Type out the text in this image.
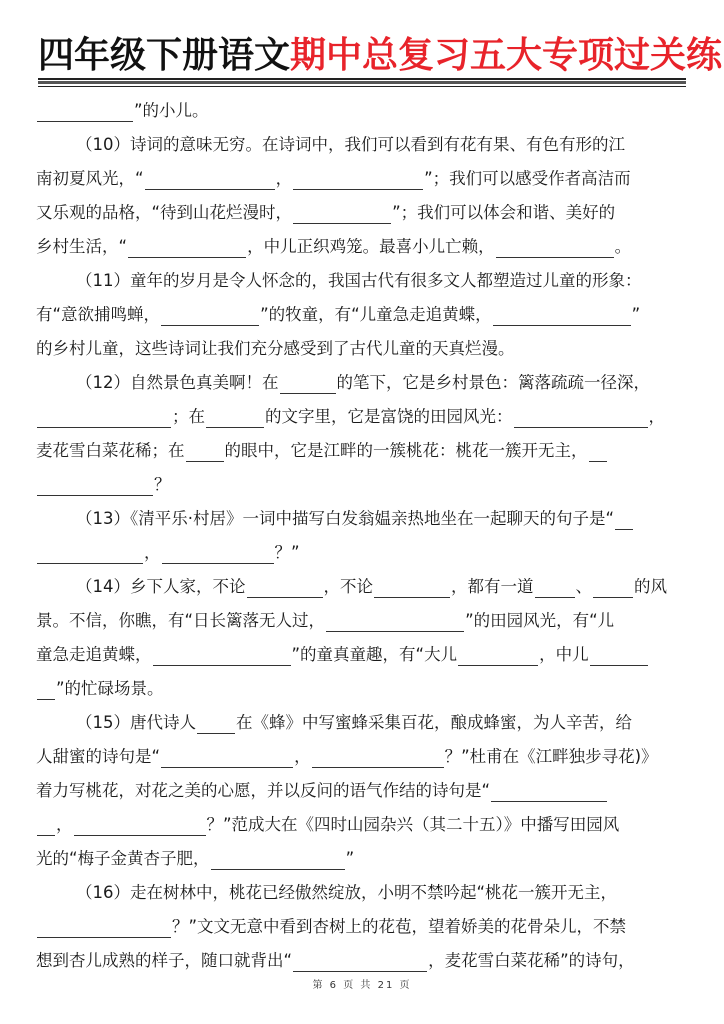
四年级下册语文期中总复习五大专项过关练
”的小儿。
（10）诗词的意味无穷。在诗词中，我们可以看到有花有果、有色有形的江
南初夏风光，“	，	”；我们可以感受作者高洁而
又乐观的品格，“待到山花烂漫时，	”；我们可以体会和谐、美好的
乡村生活，“	，中儿正织鸡笼。最喜小儿亡赖，	。
（11）童年的岁月是令人怀念的，我国古代有很多文人都塑造过儿童的形象：
有“意欲捕鸣蝉，	”的牧童，有“儿童急走追黄蝶，	”
的乡村儿童，这些诗词让我们充分感受到了古代儿童的天真烂漫。
（12）自然景色真美啊！在	的笔下，它是乡村景色：篱落疏疏一径深，
；在	的文字里，它是富饶的田园风光：	，
麦花雪白菜花稀；在 的眼中，它是江畔的一簇桃花：桃花一簇开无主，
？
（13）《清平乐·村居》一词中描写白发翁媪亲热地坐在一起聊天的句子是“
，	？”
（14）乡下人家，不论	，不论	，都有一道	、	的风
景。不信，你瞧，有“日长篱落无人过，	”的田园风光，有“儿
童急走追黄蝶，	”的童真童趣，有“大儿	，中儿
”的忙碌场景。
（15）唐代诗人 在《蜂》中写蜜蜂采集百花，酿成蜂蜜，为人辛苦，给
人甜蜜的诗句是“	，	？”杜甫在《江畔独步寻花)》
着力写桃花，对花之美的心愿，并以反问的语气作结的诗句是“
，	？”范成大在《四时山园杂兴（其二十五）》中播写田园风
光的“梅子金黄杏子肥，	”
（16）走在树林中，桃花已经傲然绽放，小明不禁吟起“桃花一簇开无主，
？”文文无意中看到杏树上的花苞，望着娇美的花骨朵儿，不禁
想到杏儿成熟的样子，随口就背出“	，麦花雪白菜花稀”的诗句，
第 6 页 共 21 页
